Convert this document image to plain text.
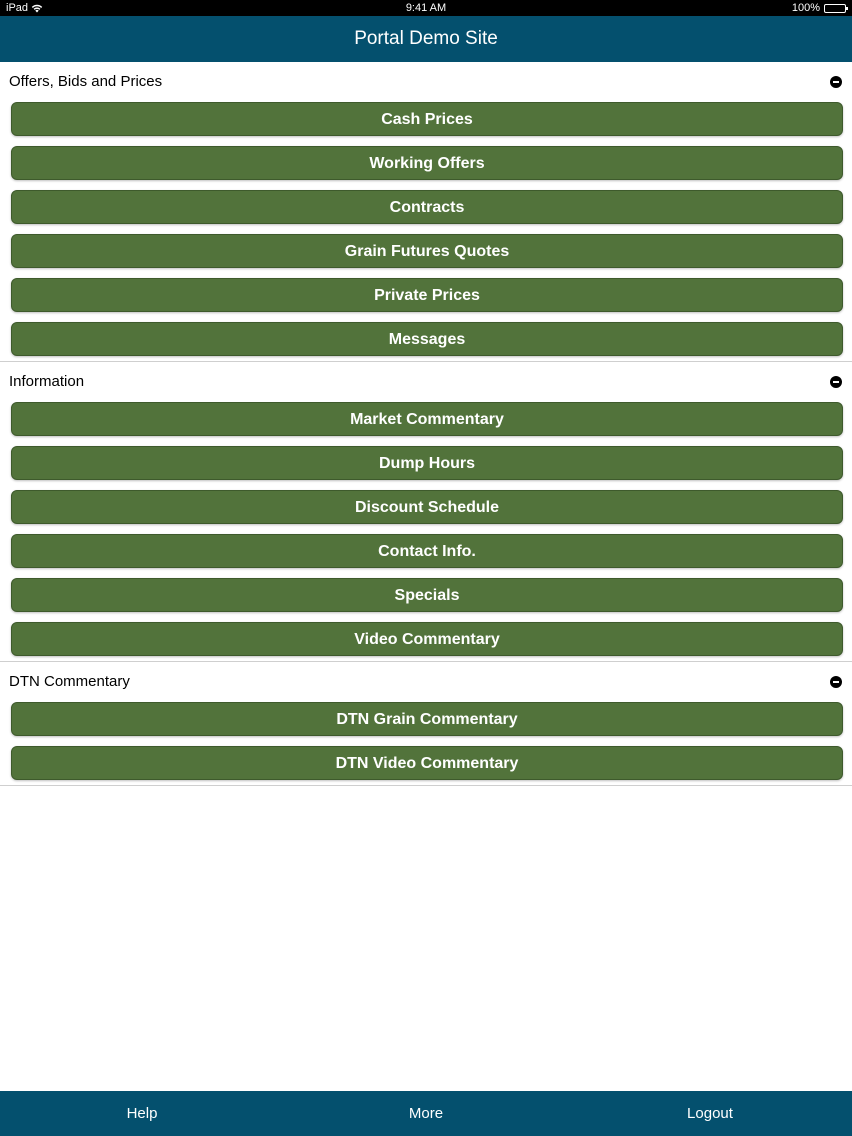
iPad	9:41 AM	100%
Portal Demo Site
Offers, Bids and Prices
Cash Prices
Working Offers
Contracts
Grain Futures Quotes
Private Prices
Messages
Information
Market Commentary
Dump Hours
Discount Schedule
Contact Info.
Specials
Video Commentary
DTN Commentary
DTN Grain Commentary
DTN Video Commentary
Help	More	Logout
